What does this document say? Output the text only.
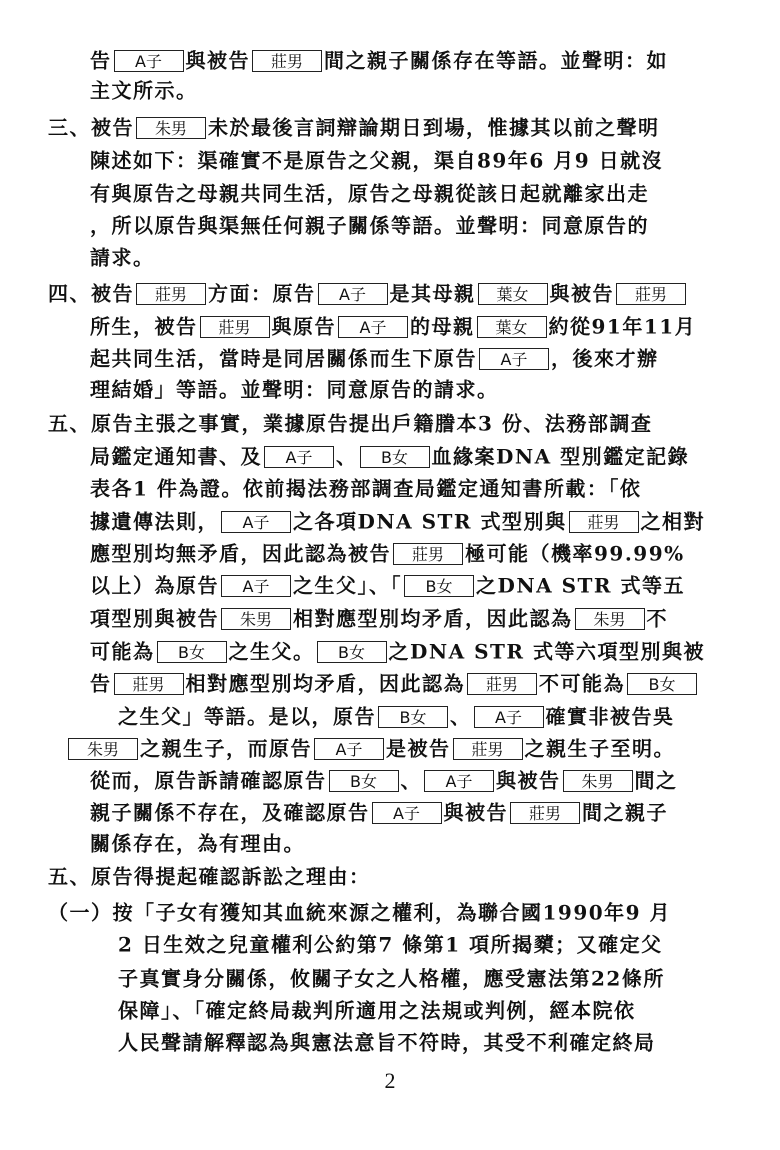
告 A子 與被告 莊男 間之親子關係存在等語。並聲明：如
主文所示。
三、被告 朱男 未於最後言詞辯論期日到場，惟據其以前之聲明
陳述如下：渠確實不是原告之父親，渠自89年6 月9 日就沒
有與原告之母親共同生活，原告之母親從該日起就離家出走
，所以原告與渠無任何親子關係等語。並聲明：同意原告的
請求。
四、被告 莊男 方面：原告 A子 是其母親 葉女 與被告 莊男
所生，被告 莊男 與原告 A子 的母親 葉女 約從91年11月
起共同生活，當時是同居關係而生下原告 A子 ，後來才辦
理結婚」等語。並聲明：同意原告的請求。
五、原告主張之事實，業據原告提出戶籍謄本3 份、法務部調查
局鑑定通知書、及 A子 、 B女 血緣案DNA 型別鑑定記錄
表各1 件為證。依前揭法務部調查局鑑定通知書所載：「依
據遺傳法則， A子 之各項DNA STR 式型別與 莊男 之相對
應型別均無矛盾，因此認為被告 莊男 極可能（機率99.99%
以上）為原告 A子 之生父」、「 B女 之DNA STR 式等五
項型別與被告 朱男 相對應型別均矛盾，因此認為 朱男 不
可能為 B女 之生父。 B女 之DNA STR 式等六項型別與被
告 莊男 相對應型別均矛盾，因此認為 莊男 不可能為 B女
之生父」等語。是以，原告 B女 、 A子 確實非被告吳
朱男 之親生子，而原告 A子 是被告 莊男 之親生子至明。
從而，原告訴請確認原告 B女 、 A子 與被告 朱男 間之
親子關係不存在，及確認原告 A子 與被告 莊男 間之親子
關係存在，為有理由。
五、原告得提起確認訴訟之理由：
（一）按「子女有獲知其血統來源之權利，為聯合國1990年9 月
2 日生效之兒童權利公約第7 條第1 項所揭櫫；又確定父
子真實身分關係，攸關子女之人格權，應受憲法第22條所
保障」、「確定終局裁判所適用之法規或判例，經本院依
人民聲請解釋認為與憲法意旨不符時，其受不利確定終局
2
